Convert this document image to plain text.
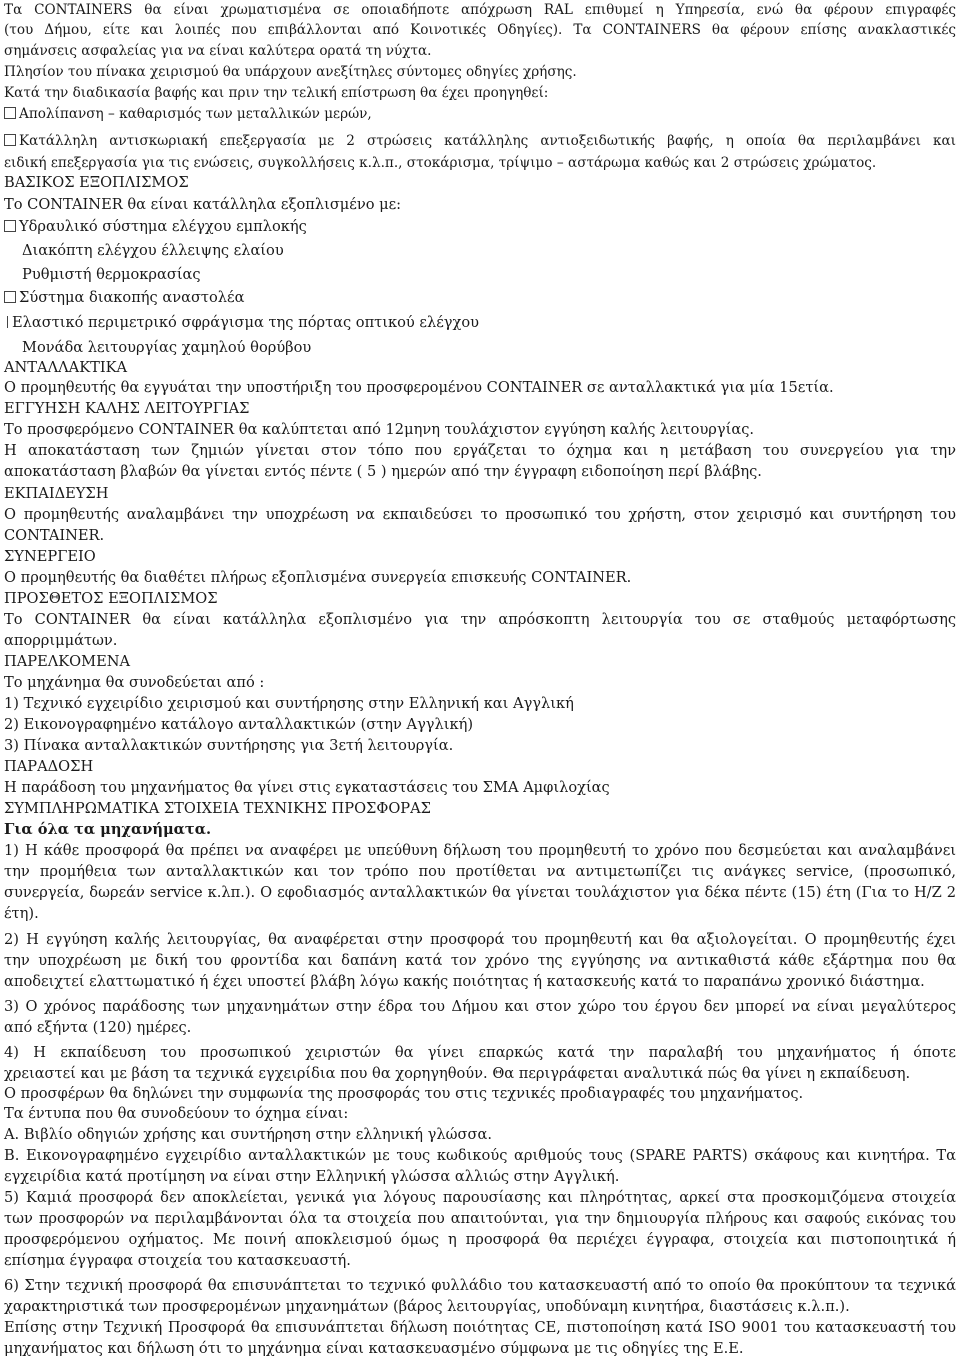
Τα CONTAINERS θα είναι χρωματισμένα σε οποιαδήποτε απόχρωση RAL επιθυμεί η Υπηρεσία, ενώ θα φέρουν επιγραφές
(του Δήμου, είτε και λοιπές που επιβάλλονται από Κοινοτικές Οδηγίες). Τα CONTAINERS θα φέρουν επίσης ανακλαστικές
σημάνσεις ασφαλείας για να είναι καλύτερα ορατά τη νύχτα.
Πλησίον του πίνακα χειρισμού θα υπάρχουν ανεξίτηλες σύντομες οδηγίες χρήσης.
Κατά την διαδικασία βαφής και πριν την τελική επίστρωση θα έχει προηγηθεί:
Απολίπανση – καθαρισμός των μεταλλικών μερών,
Κατάλληλη αντισκωριακή επεξεργασία με 2 στρώσεις κατάλληλης αντιοξειδωτικής βαφής, η οποία θα περιλαμβάνει και
ειδική επεξεργασία για τις ενώσεις, συγκολλήσεις κ.λ.π., στοκάρισμα, τρίψιμο – αστάρωμα καθώς και 2 στρώσεις χρώματος.
ΒΑΣΙΚΟΣ ΕΞΟΠΛΙΣΜΟΣ
Το CONTAINER θα είναι κατάλληλα εξοπλισμένο με:
Υδραυλικό σύστημα ελέγχου εμπλοκής
Διακόπτη ελέγχου έλλειψης ελαίου
Ρυθμιστή θερμοκρασίας
Σύστημα διακοπής αναστολέα
Ελαστικό περιμετρικό σφράγισμα της πόρτας οπτικού ελέγχου
Μονάδα λειτουργίας χαμηλού θορύβου
ΑΝΤΑΛΛΑΚΤΙΚΑ
Ο προμηθευτής θα εγγυάται την υποστήριξη του προσφερομένου CONTAINER σε ανταλλακτικά για μία 15ετία.
ΕΓΓΥΗΣΗ ΚΑΛΗΣ ΛΕΙΤΟΥΡΓΙΑΣ
Το προσφερόμενο CONTAINER θα καλύπτεται από 12μηνη τουλάχιστον εγγύηση καλής λειτουργίας.
Η αποκατάσταση των ζημιών γίνεται στον τόπο που εργάζεται το όχημα και η μετάβαση του συνεργείου για την
αποκατάσταση βλαβών θα γίνεται εντός πέντε ( 5 ) ημερών από την έγγραφη ειδοποίηση περί βλάβης.
ΕΚΠΑΙΔΕΥΣΗ
Ο προμηθευτής αναλαμβάνει την υποχρέωση να εκπαιδεύσει το προσωπικό του χρήστη, στον χειρισμό και συντήρηση του
CONTAINER.
ΣΥΝΕΡΓΕΙΟ
Ο προμηθευτής θα διαθέτει πλήρως εξοπλισμένα συνεργεία επισκευής CONTAINER.
ΠΡΟΣΘΕΤΟΣ ΕΞΟΠΛΙΣΜΟΣ
Το CONTAINER θα είναι κατάλληλα εξοπλισμένο για την απρόσκοπτη λειτουργία του σε σταθμούς μεταφόρτωσης
απορριμμάτων.
ΠΑΡΕΛΚΟΜΕΝΑ
Το μηχάνημα θα συνοδεύεται από :
1) Τεχνικό εγχειρίδιο χειρισμού και συντήρησης στην Ελληνική και Αγγλική
2) Εικονογραφημένο κατάλογο ανταλλακτικών (στην Αγγλική)
3) Πίνακα ανταλλακτικών συντήρησης για 3ετή λειτουργία.
ΠΑΡΑΔΟΣΗ
Η παράδοση του μηχανήματος θα γίνει στις εγκαταστάσεις του ΣΜΑ Αμφιλοχίας
ΣΥΜΠΛΗΡΩΜΑΤΙΚΑ ΣΤΟΙΧΕΙΑ ΤΕΧΝΙΚΗΣ ΠΡΟΣΦΟΡΑΣ
Για όλα τα μηχανήματα.
1) Η κάθε προσφορά θα πρέπει να αναφέρει με υπεύθυνη δήλωση του προμηθευτή το χρόνο που δεσμεύεται και αναλαμβάνει
την προμήθεια των ανταλλακτικών και τον τρόπο που προτίθεται να αντιμετωπίζει τις ανάγκες service, (προσωπικό,
συνεργεία, δωρεάν service κ.λπ.). Ο εφοδιασμός ανταλλακτικών θα γίνεται τουλάχιστον για δέκα πέντε (15) έτη (Για το Η/Ζ 2
έτη).
2) Η εγγύηση καλής λειτουργίας, θα αναφέρεται στην προσφορά του προμηθευτή και θα αξιολογείται. Ο προμηθευτής έχει
την υποχρέωση με δική του φροντίδα και δαπάνη κατά τον χρόνο της εγγύησης να αντικαθιστά κάθε εξάρτημα που θα
αποδειχτεί ελαττωματικό ή έχει υποστεί βλάβη λόγω κακής ποιότητας ή κατασκευής κατά το παραπάνω χρονικό διάστημα.
3) Ο χρόνος παράδοσης των μηχανημάτων στην έδρα του Δήμου και στον χώρο του έργου δεν μπορεί να είναι μεγαλύτερος
από εξήντα (120) ημέρες.
4) Η εκπαίδευση του προσωπικού χειριστών θα γίνει επαρκώς κατά την παραλαβή του μηχανήματος ή όποτε
χρειαστεί και με βάση τα τεχνικά εγχειρίδια που θα χορηγηθούν. Θα περιγράφεται αναλυτικά πώς θα γίνει η εκπαίδευση.
Ο προσφέρων θα δηλώνει την συμφωνία της προσφοράς του στις τεχνικές προδιαγραφές του μηχανήματος.
Τα έντυπα που θα συνοδεύουν το όχημα είναι:
Α. Βιβλίο οδηγιών χρήσης και συντήρηση στην ελληνική γλώσσα.
Β. Εικονογραφημένο εγχειρίδιο ανταλλακτικών με τους κωδικούς αριθμούς τους (SPARE PARTS) σκάφους και κινητήρα. Τα
εγχειρίδια κατά προτίμηση να είναι στην Ελληνική γλώσσα αλλιώς στην Αγγλική.
5) Καμιά προσφορά δεν αποκλείεται, γενικά για λόγους παρουσίασης και πληρότητας, αρκεί στα προσκομιζόμενα στοιχεία
των προσφορών να περιλαμβάνονται όλα τα στοιχεία που απαιτούνται, για την δημιουργία πλήρους και σαφούς εικόνας του
προσφερόμενου οχήματος. Με ποινή αποκλεισμού όμως η προσφορά θα περιέχει έγγραφα, στοιχεία και πιστοποιητικά ή
επίσημα έγγραφα στοιχεία του κατασκευαστή.
6) Στην τεχνική προσφορά θα επισυνάπτεται το τεχνικό φυλλάδιο του κατασκευαστή από το οποίο θα προκύπτουν τα τεχνικά
χαρακτηριστικά των προσφερομένων μηχανημάτων (βάρος λειτουργίας, υποδύναμη κινητήρα, διαστάσεις κ.λ.π.).
Επίσης στην Τεχνική Προσφορά θα επισυνάπτεται δήλωση ποιότητας CE, πιστοποίηση κατά ISO 9001 του κατασκευαστή του
μηχανήματος και δήλωση ότι το μηχάνημα είναι κατασκευασμένο σύμφωνα με τις οδηγίες της Ε.Ε.
